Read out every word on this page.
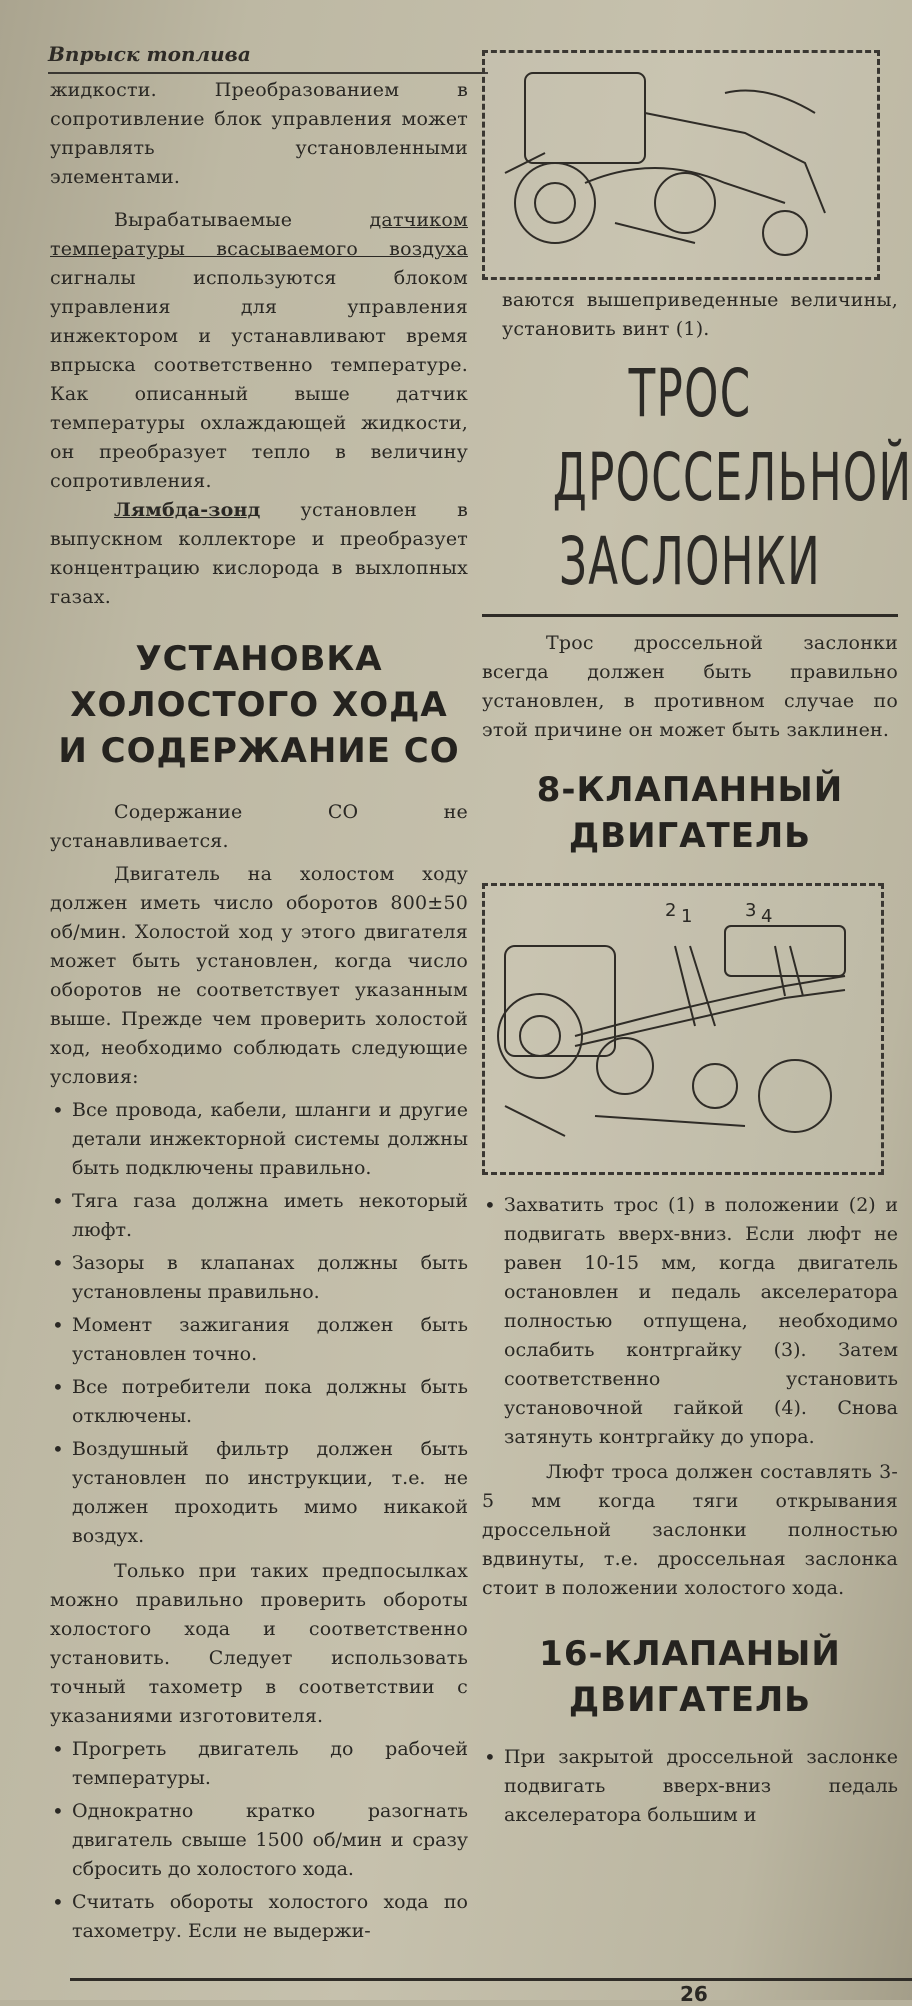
Впрыск топлива

жидкости. Преобразованием в сопротивление блок управления может управлять установленными элементами.

Вырабатываемые датчиком температуры всасываемого воздуха сигналы используются блоком управления для управления инжектором и устанавливают время впрыска соответственно температуре. Как описанный выше датчик температуры охлаждающей жидкости, он преобразует тепло в величину сопротивления.

Лямбда-зонд установлен в выпускном коллекторе и преобразует концентрацию кислорода в выхлопных газах.

УСТАНОВКА ХОЛОСТОГО ХОДА И СОДЕРЖАНИЕ СО

Содержание СО не устанавливается.

Двигатель на холостом ходу должен иметь число оборотов 800±50 об/мин. Холостой ход у этого двигателя может быть установлен, когда число оборотов не соответствует указанным выше. Прежде чем проверить холостой ход, необходимо соблюдать следующие условия:

• Все провода, кабели, шланги и другие детали инжекторной системы должны быть подключены правильно.
• Тяга газа должна иметь некоторый люфт.
• Зазоры в клапанах должны быть установлены правильно.
• Момент зажигания должен быть установлен точно.
• Все потребители пока должны быть отключены.
• Воздушный фильтр должен быть установлен по инструкции, т.е. не должен проходить мимо никакой воздух.

Только при таких предпосылках можно правильно проверить обороты холостого хода и соответственно установить. Следует использовать точный тахометр в соответствии с указаниями изготовителя.

• Прогреть двигатель до рабочей температуры.
• Однократно кратко разогнать двигатель свыше 1500 об/мин и сразу сбросить до холостого хода.
• Считать обороты холостого хода по тахометру. Если не выдержи-

ваются вышеприведенные величины, установить винт (1).

ТРОС
ДРОССЕЛЬНОЙ
ЗАСЛОНКИ

Трос дроссельной заслонки всегда должен быть правильно установлен, в противном случае по этой причине он может быть заклинен.

8-КЛАПАННЫЙ ДВИГАТЕЛЬ
2 1	3 4
• Захватить трос (1) в положении (2) и подвигать вверх-вниз. Если люфт не равен 10-15 мм, когда двигатель остановлен и педаль акселератора полностью отпущена, необходимо ослабить контргайку (3). Затем соответственно установить установочной гайкой (4). Снова затянуть контргайку до упора.

Люфт троса должен составлять 3-5 мм когда тяги открывания дроссельной заслонки полностью вдвинуты, т.е. дроссельная заслонка стоит в положении холостого хода.

16-КЛАПАНЫЙ ДВИГАТЕЛЬ
• При закрытой дроссельной заслонке подвигать вверх-вниз педаль акселератора большим и
26
